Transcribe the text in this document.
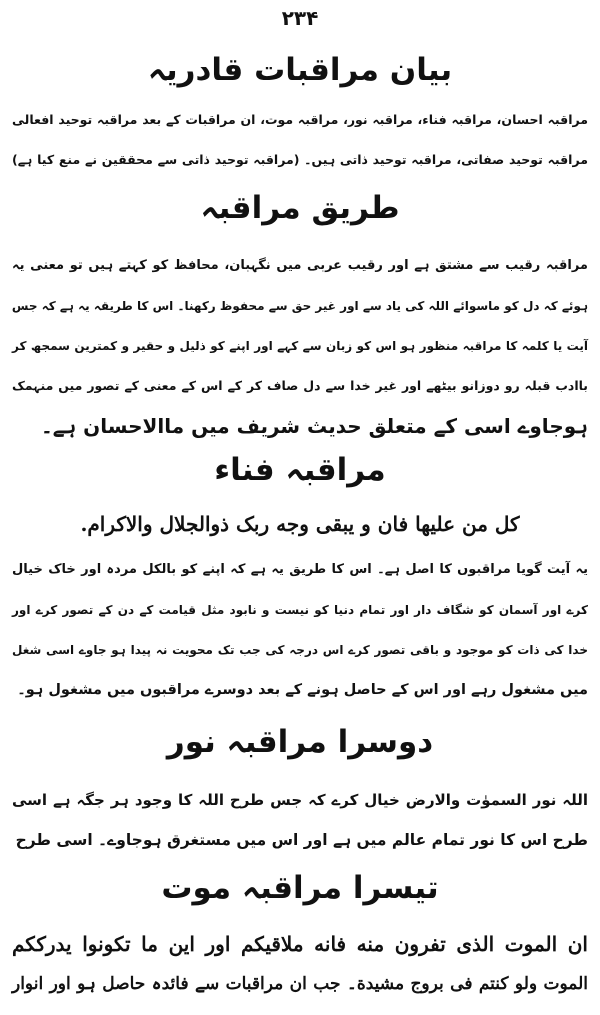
۲۳۴
بیان مراقبات قادریہ
مراقبہ احسان، مراقبہ فناء، مراقبہ نور، مراقبہ موت، ان مراقبات کے بعد مراقبہ توحید افعالی
مراقبہ توحید صفاتی، مراقبہ توحید ذاتی ہیں۔ (مراقبہ توحید ذاتی سے محققین نے منع کیا ہے)
طریق مراقبہ
مراقبہ رقیب سے مشتق ہے اور رقیب عربی میں نگہبان، محافظ کو کہتے ہیں تو معنی یہ
ہوئے کہ دل کو ماسوائے اللہ کی یاد سے اور غیر حق سے محفوظ رکھنا۔ اس کا طریقہ یہ ہے کہ جس
آیت یا کلمہ کا مراقبہ منظور ہو اس کو زبان سے کہے اور اپنے کو ذلیل و حقیر و کمترین سمجھ کر
باادب قبلہ رو دوزانو بیٹھے اور غیر خدا سے دل صاف کر کے اس کے معنی کے تصور میں منہمک
ہوجاوے اسی کے متعلق حدیث شریف میں ماالاحسان ہے۔
مراقبہ فناء
کل من علیها فان و یبقی وجه ربک ذوالجلال والاکرام.
یہ آیت گویا مراقبوں کا اصل ہے۔ اس کا طریق یہ ہے کہ اپنے کو بالکل مردہ اور خاک خیال
کرے اور آسمان کو شگاف دار اور تمام دنیا کو نیست و نابود مثل قیامت کے دن کے تصور کرے اور
خدا کی ذات کو موجود و باقی تصور کرے اس درجہ کی جب تک محویت نہ پیدا ہو جاوے اسی شغل
میں مشغول رہے اور اس کے حاصل ہونے کے بعد دوسرے مراقبوں میں مشغول ہو۔
دوسرا مراقبہ نور
اللہ نور السموٰت والارض خیال کرے کہ جس طرح اللہ کا وجود ہر جگہ ہے اسی
طرح اس کا نور تمام عالم میں ہے اور اس میں مستغرق ہوجاوے۔ اسی طرح
تیسرا مراقبہ موت
ان الموت الذی تفرون منه فانه ملاقیکم اور این ما تکونوا یدرککم
الموت ولو کنتم فی بروج مشیدة۔ جب ان مراقبات سے فائدہ حاصل ہو اور انوار
